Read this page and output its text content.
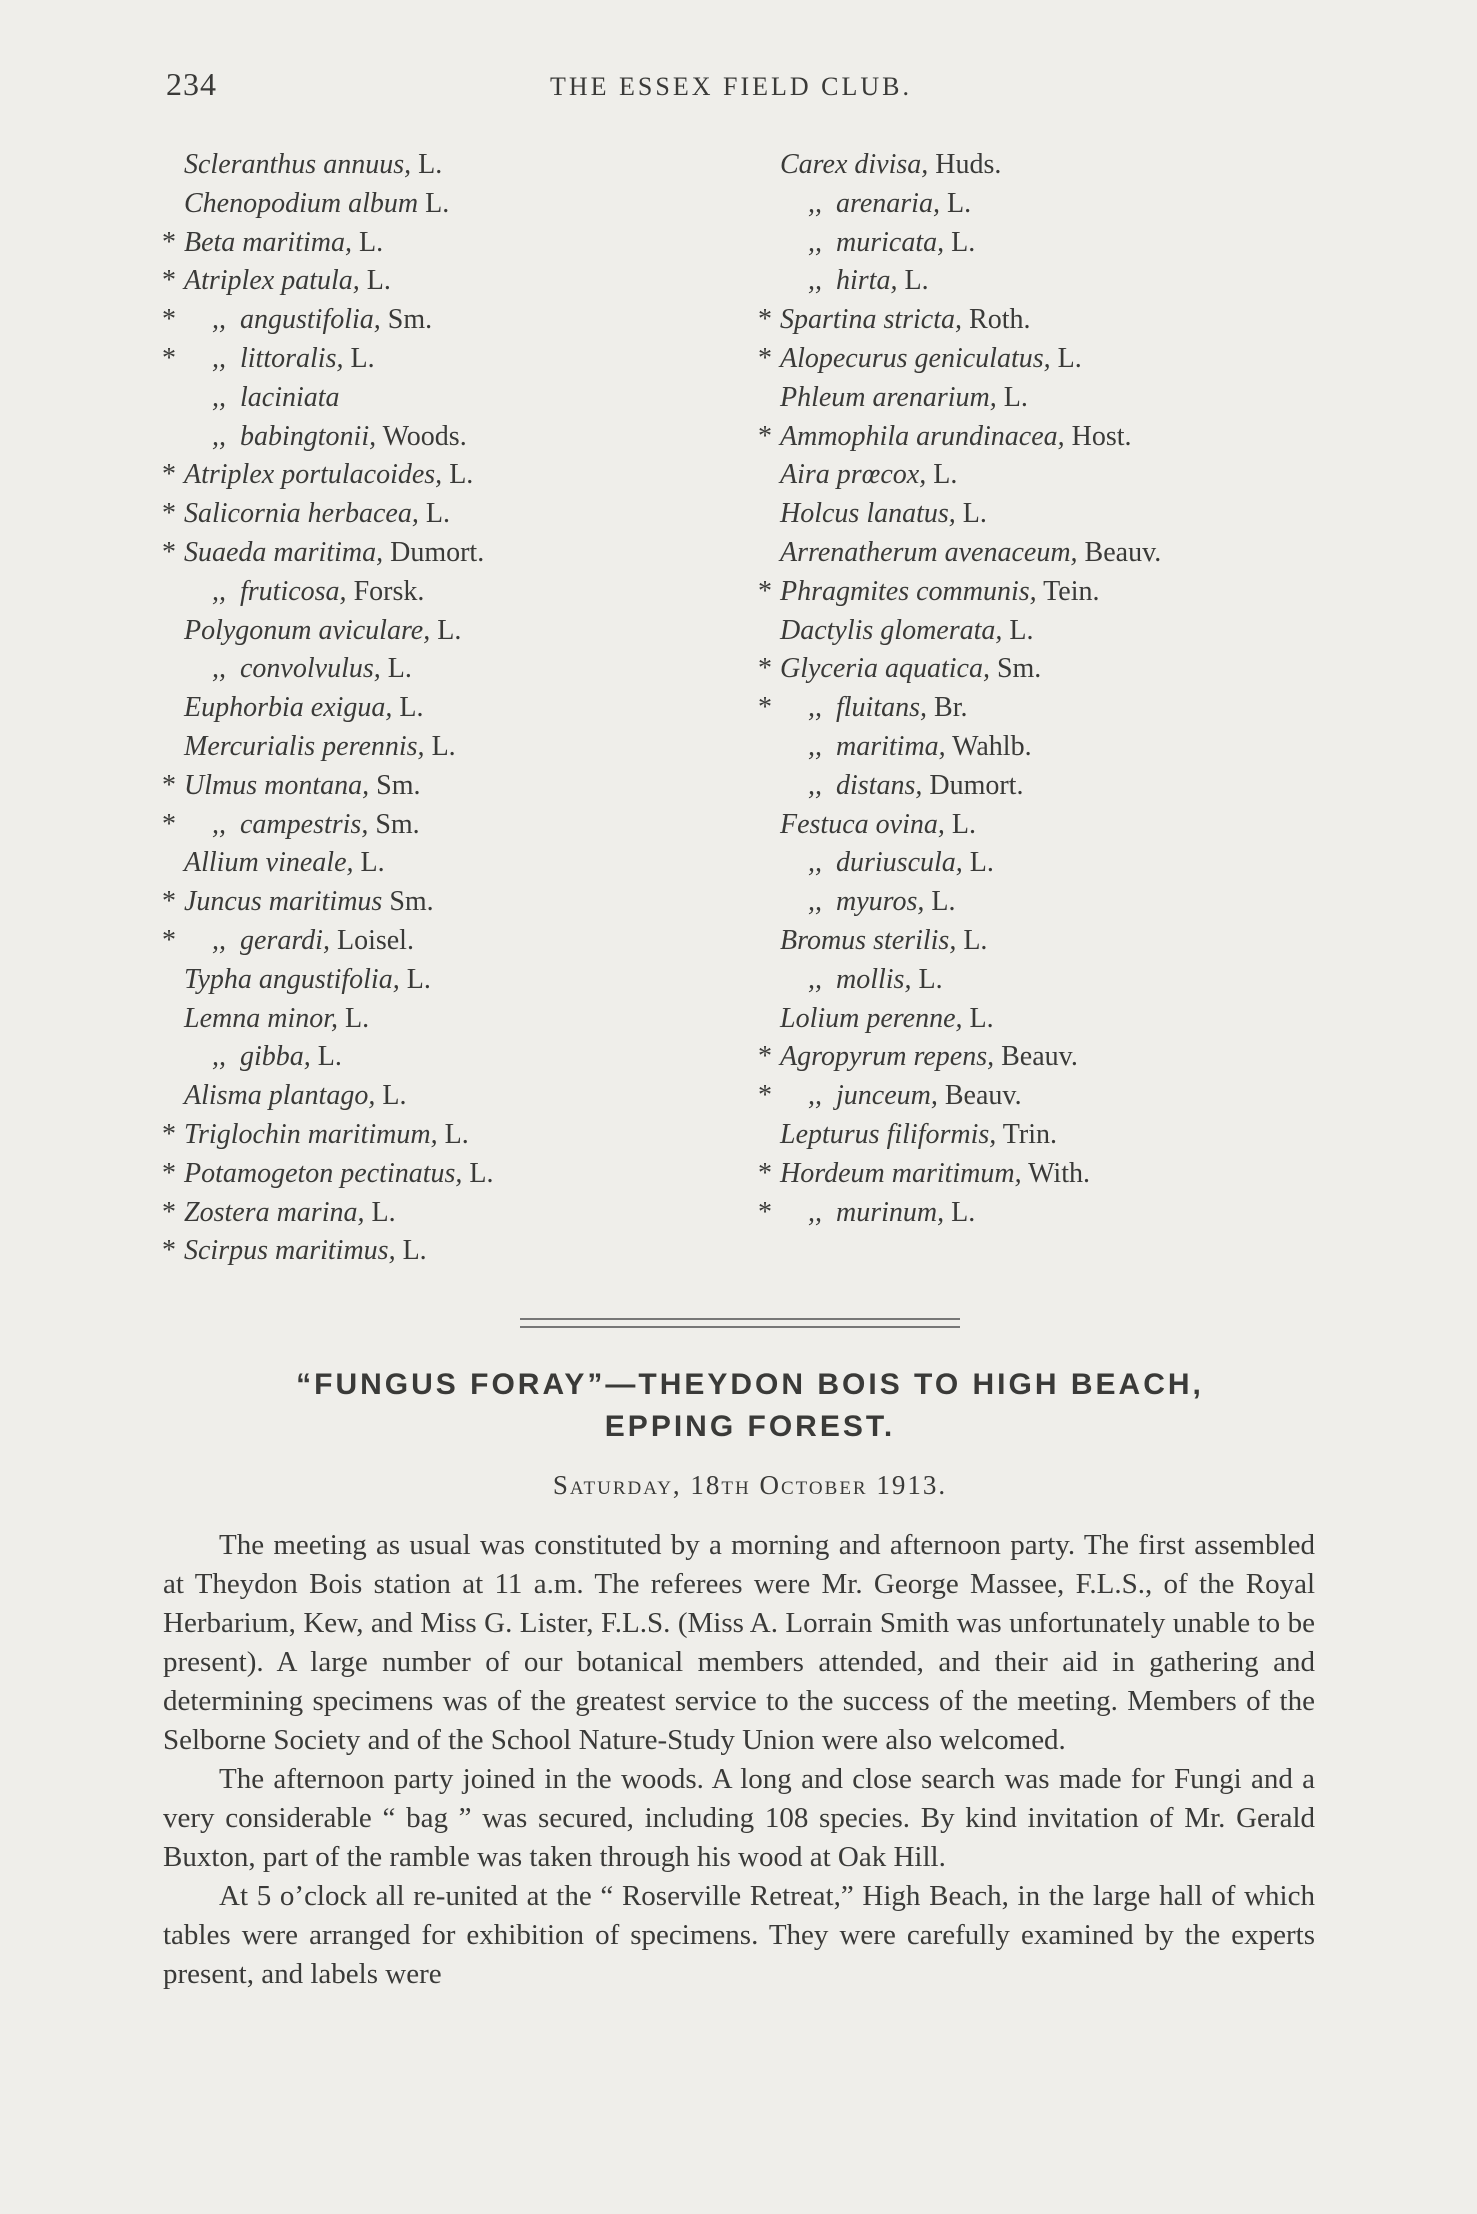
234	THE ESSEX FIELD CLUB.
Scleranthus annuus, L.
Chenopodium album L.
* Beta maritima, L.
* Atriplex patula, L.
* ,, angustifolia, Sm.
* ,, littoralis, L.
,, laciniata
,, babingtonii, Woods.
* Atriplex portulacoides, L.
* Salicornia herbacea, L.
* Suaeda maritima, Dumort.
,, fruticosa, Forsk.
Polygonum aviculare, L.
,, convolvulus, L.
Euphorbia exigua, L.
Mercurialis perennis, L.
* Ulmus montana, Sm.
* ,, campestris, Sm.
Allium vineale, L.
* Juncus maritimus Sm.
* ,, gerardi, Loisel.
Typha angustifolia, L.
Lemna minor, L.
,, gibba, L.
Alisma plantago, L.
* Triglochin maritimum, L.
* Potamogeton pectinatus, L.
* Zostera marina, L.
* Scirpus maritimus, L.
Carex divisa, Huds.
,, arenaria, L.
,, muricata, L.
,, hirta, L.
* Spartina stricta, Roth.
* Alopecurus geniculatus, L.
Phleum arenarium, L.
* Ammophila arundinacea, Host.
Aira prœcox, L.
Holcus lanatus, L.
Arrenatherum avenaceum, Beauv.
* Phragmites communis, Tein.
Dactylis glomerata, L.
* Glyceria aquatica, Sm.
* ,, fluitans, Br.
,, maritima, Wahlb.
,, distans, Dumort.
Festuca ovina, L.
,, duriuscula, L.
,, myuros, L.
Bromus sterilis, L.
,, mollis, L.
Lolium perenne, L.
* Agropyrum repens, Beauv.
* ,, junceum, Beauv.
Lepturus filiformis, Trin.
* Hordeum maritimum, With.
* ,, murinum, L.
“FUNGUS FORAY”—THEYDON BOIS TO HIGH BEACH,
EPPING FOREST.
Saturday, 18th October 1913.

The meeting as usual was constituted by a morning and afternoon party. The first assembled at Theydon Bois station at 11 a.m. The referees were Mr. George Massee, F.L.S., of the Royal Herbarium, Kew, and Miss G. Lister, F.L.S. (Miss A. Lorrain Smith was unfortunately unable to be present). A large number of our botanical members attended, and their aid in gathering and determining specimens was of the greatest service to the success of the meeting. Members of the Selborne Society and of the School Nature-Study Union were also welcomed.

The afternoon party joined in the woods. A long and close search was made for Fungi and a very considerable “ bag ” was secured, including 108 species. By kind invitation of Mr. Gerald Buxton, part of the ramble was taken through his wood at Oak Hill.

At 5 o’clock all re-united at the “ Roserville Retreat,” High Beach, in the large hall of which tables were arranged for exhibition of specimens. They were carefully examined by the experts present, and labels were
